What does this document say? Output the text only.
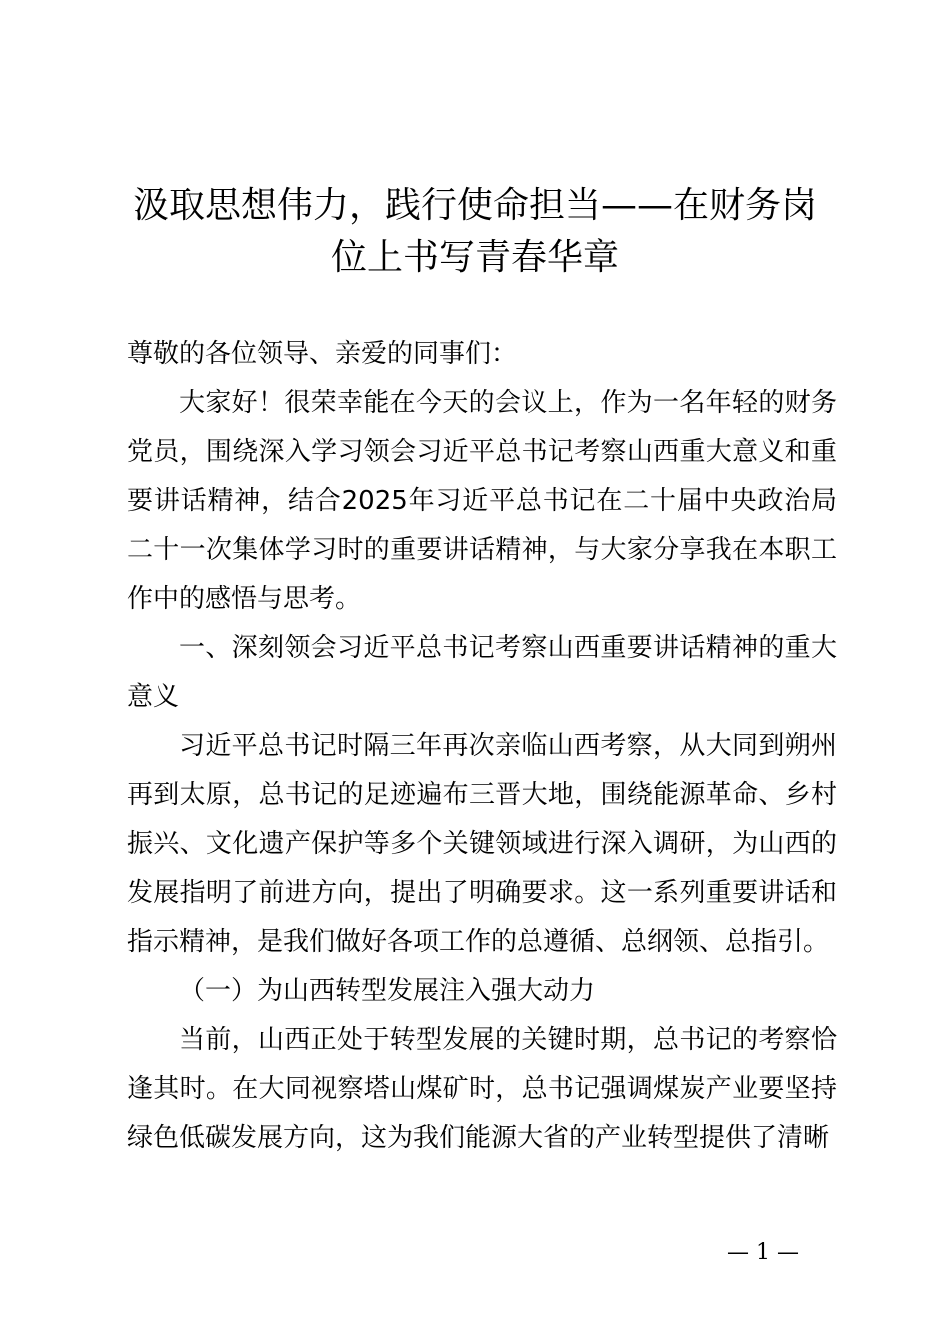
汲取思想伟力，践行使命担当——在财务岗
位上书写青春华章

尊敬的各位领导、亲爱的同事们：

大家好！很荣幸能在今天的会议上，作为一名年轻的财务党员，围绕深入学习领会习近平总书记考察山西重大意义和重要讲话精神，结合2025年习近平总书记在二十届中央政治局二十一次集体学习时的重要讲话精神，与大家分享我在本职工作中的感悟与思考。

一、深刻领会习近平总书记考察山西重要讲话精神的重大意义

习近平总书记时隔三年再次亲临山西考察，从大同到朔州再到太原，总书记的足迹遍布三晋大地，围绕能源革命、乡村振兴、文化遗产保护等多个关键领域进行深入调研，为山西的发展指明了前进方向，提出了明确要求。这一系列重要讲话和指示精神，是我们做好各项工作的总遵循、总纲领、总指引。

（一）为山西转型发展注入强大动力

当前，山西正处于转型发展的关键时期，总书记的考察恰逢其时。在大同视察塔山煤矿时，总书记强调煤炭产业要坚持绿色低碳发展方向，这为我们能源大省的产业转型提供了清晰

— 1 —
